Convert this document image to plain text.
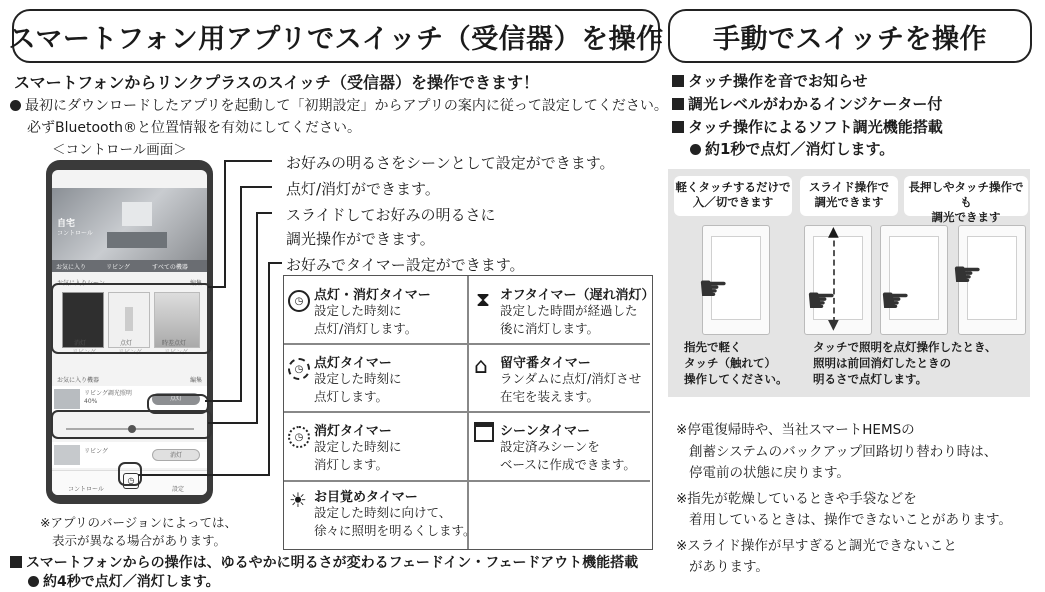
スマートフォン用アプリでスイッチ（受信器）を操作
スマートフォンからリンクプラスのスイッチ（受信器）を操作できます！
最初にダウンロードしたアプリを起動して「初期設定」からアプリの案内に従って設定してください。
必ずBluetooth®と位置情報を有効にしてください。
＜コントロール画面＞
自宅
コントロール
お気に入り	リビング	すべての機器
お気に入りシーン	編集
消灯	点灯	時差点灯
リビング	リビング	リビング
お気に入り機器	編集
リビング調光照明
40%	点灯
リビング
消灯
コントロール
◷
設定
お好みの明るさをシーンとして設定ができます。
点灯/消灯ができます。
スライドしてお好みの明るさに
調光操作ができます。
お好みでタイマー設定ができます。
◷ 点灯・消灯タイマー
設定した時刻に
点灯/消灯します。
⧗ オフタイマー（遅れ消灯）
設定した時間が経過した
後に消灯します。
◷ 点灯タイマー
設定した時刻に
点灯します。
⌂ 留守番タイマー
ランダムに点灯/消灯させ
在宅を装えます。
◷ 消灯タイマー
設定した時刻に
消灯します。
シーンタイマー
設定済みシーンを
ベースに作成できます。
☀ お目覚めタイマー
設定した時刻に向けて、
徐々に照明を明るくします。
※アプリのバージョンによっては、
表示が異なる場合があります。
スマートフォンからの操作は、ゆるやかに明るさが変わるフェードイン・フェードアウト機能搭載
約4秒で点灯／消灯します。
手動でスイッチを操作
タッチ操作を音でお知らせ
調光レベルがわかるインジケーター付
タッチ操作によるソフト調光機能搭載
約1秒で点灯／消灯します。
軽くタッチするだけで
入／切できます
スライド操作で
調光できます
長押しやタッチ操作でも
調光できます
☛
▲
▼
☛ ☛
☛
指先で軽く
タッチ（触れて）
操作してください。
タッチで照明を点灯操作したとき、
照明は前回消灯したときの
明るさで点灯します。
※停電復帰時や、当社スマートHEMSの
創蓄システムのバックアップ回路切り替わり時は、
停電前の状態に戻ります。
※指先が乾燥しているときや手袋などを
着用しているときは、操作できないことがあります。
※スライド操作が早すぎると調光できないこと
があります。
